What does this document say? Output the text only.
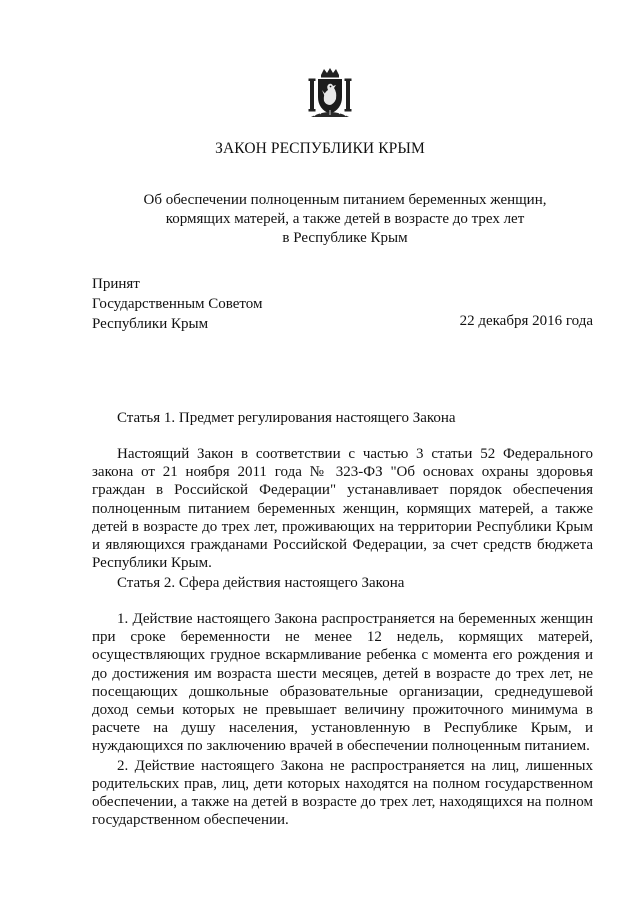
ЗАКОН РЕСПУБЛИКИ КРЫМ
Об обеспечении полноценным питанием беременных женщин,
кормящих матерей, а также детей в возрасте до трех лет
в Республике Крым
Принят
Государственным Советом
Республики Крым	22 декабря 2016 года

Статья 1. Предмет регулирования настоящего Закона

Настоящий Закон в соответствии с частью 3 статьи 52 Федерального закона от 21 ноября 2011 года № 323-ФЗ "Об основах охраны здоровья граждан в Российской Федерации" устанавливает порядок обеспечения полноценным питанием беременных женщин, кормящих матерей, а также детей в возрасте до трех лет, проживающих на территории Республики Крым и являющихся гражданами Российской Федерации, за счет средств бюджета Республики Крым.

Статья 2. Сфера действия настоящего Закона

1. Действие настоящего Закона распространяется на беременных женщин при сроке беременности не менее 12 недель, кормящих матерей, осуществляющих грудное вскармливание ребенка с момента его рождения и до достижения им возраста шести месяцев, детей в возрасте до трех лет, не посещающих дошкольные образовательные организации, среднедушевой доход семьи которых не превышает величину прожиточного минимума в расчете на душу населения, установленную в Республике Крым, и нуждающихся по заключению врачей в обеспечении полноценным питанием.

2. Действие настоящего Закона не распространяется на лиц, лишенных родительских прав, лиц, дети которых находятся на полном государственном обеспечении, а также на детей в возрасте до трех лет, находящихся на полном государственном обеспечении.
